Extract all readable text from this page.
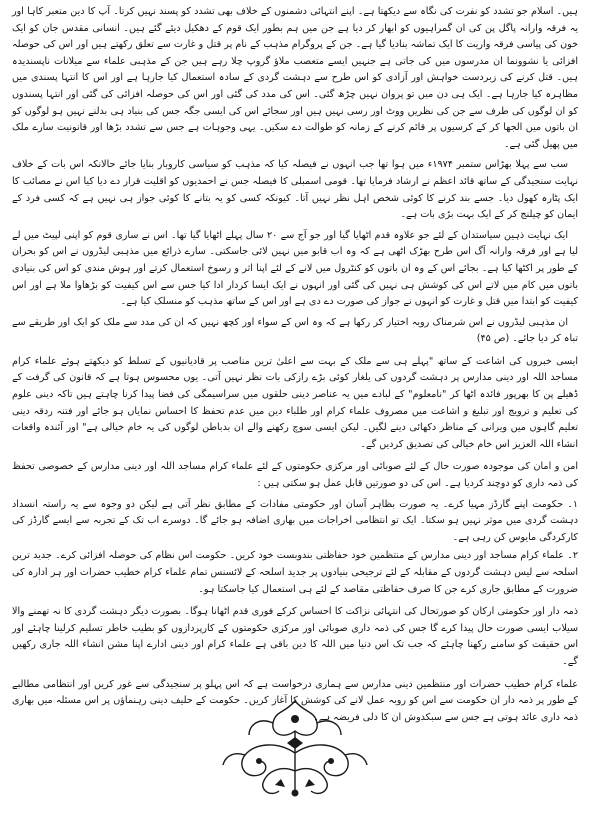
ہیں۔ اسلام جو تشدد کو نفرت کی نگاہ سے دیکھتا ہے۔ اپنے انتہائی دشمنوں کے خلاف بھی تشدد کو پسند نہیں کرتا۔ آپ کا دین متعبر کاہا اور یہ فرقہ وارانہ پاگل پن کی ان گمراہیوں کو ابھار کر دیا ہے جن میں ہم بطور ایک قوم کے دھکیل دیئے گئے ہیں۔ انسانی مقدس جان کو ایک خون کی پیاسی فرقہ واریت کا ایک تماشہ بنادیا گیا ہے۔ جن کے پروگرام مذہب کے نام پر قتل و غارت سے تعلق رکھتے ہیں اور اس کی حوصلہ افزائی یا نشوونما ان مدرسوں میں کی جاتی ہے جنہیں ایسے متعصب ملاؤ گروپ چلا رہے ہیں جن کے مذہبی علماء سے میلانات ناپسندیدہ ہیں۔ قتل کرنے کی زبردست خواہش اور آزادی کو اس طرح سے دہشت گردی کے سادہ استعمال کیا جارہا ہے اور اس کا انتہا پسندی میں مظاہرہ کیا جارہا ہے۔ ایک ہی دن میں تو پروان نہیں چڑھ گئی۔ اس کی مدد کی گئی اور اس کی حوصلہ افزائی کی گئی اور انتہا پسندوں کو ان لوگوں کی طرف سے جن کی نظریں ووٹ اور رسی نہیں ہیں اور سجائے اس کی ایسی جگہ جس کی بنیاد ہی بدلنے نہیں ہو لوگوں کو ان باتوں میں الجھا کر کے کرسیوں پر قائم کرنے کے زمانہ کو طوالت دے سکیں۔ یہی وجوہات ہے جس سے تشدد بڑھا اور قانونیت سارے ملک میں پھیل گئی ہے۔

سب سے پہلا بھڑاس ستمبر ۱۹۷۴ء میں ہوا تھا جب انہوں نے فیصلہ کیا کہ مذہب کو سیاسی کاروبار بنایا جائے حالانکہ اس بات کے خلاف نہایت سنجیدگی کے ساتھ قائد اعظم نے ارشاد فرمایا تھا۔ قومی اسمبلی کا فیصلہ جس نے احمدیوں کو اقلیت قرار دے دیا کیا اس نے مصائب کا ایک پٹارہ کھول دیا۔ جسے بند کرنے کا کوئی شخص اہل نظر نہیں آتا۔ کیونکہ کسی کو یہ بتانے کا کوئی جواز ہی نہیں ہے کہ کسی فرد کے ایمان کو چیلنج کر کے ایک بہت بڑی بات ہے۔

ایک نہایت ذہین سیاستدان کے لئے جو علاوہ قدم اٹھایا گیا اور جو آج سے ۲۰ سال پہلے اٹھایا گیا تھا۔ اس نے ساری قوم کو اپنی لپیٹ میں لے لیا ہے اور فرقہ وارانہ آگ اس طرح بھڑک اٹھی ہے کہ وہ اب قابو میں نہیں لائی جاسکتی۔ سارے ذرائع میں مذہبی لیڈروں نے اس کو بحران کے طور پر اکٹھا کیا ہے۔ بجائے اس کے وہ ان باتوں کو کنٹرول میں لانے کے لئے اپنا اثر و رسوخ استعمال کرتے اور ہوش مندی کو اس کی بنیادی باتوں میں کام میں لاتے اس کی کوشش ہی نہیں کی گئی اور انہوں نے ایک ایسا کردار ادا کیا جس سے اس کیفیت کو بڑھاوا ملا ہے اور اس کیفیت کو ابتدا میں قتل و غارت کو انہوں نے جواز کی صورت دے دی ہے اور اس کے ساتھ مذہب کو منسلک کیا ہے۔

ان مذہبی لیڈروں نے اس شرمناک رویہ اختیار کر رکھا ہے کہ وہ اس کے سواء اور کچھ نہیں کہ ان کی مدد سے ملک کو ایک اور طریقے سے تباہ کر دیا جائے۔ (ص ۴۵)

ایسی خبروں کی اشاعت کے ساتھ "پہلے ہی سے ملک کے بہت سے اعلیٰ ترین مناصب پر قادیانیوں کے تسلط کو دیکھتے ہوئے علماء کرام مساجد اللہ اور دینی مدارس پر دہشت گردوں کی یلغار کوئی بڑے رازکی بات نظر نہیں آتی۔ یوں محسوس ہوتا ہے کہ قانون کی گرفت کے ڈھیلے پن کا بھرپور فائدہ اٹھا کر "نامعلوم" کے لبادے میں یہ عناصر دینی حلقوں میں سراسیمگی کی فضا پیدا کرنا چاہتے ہیں تاکہ دینی علوم کی تعلیم و ترویج اور تبلیغ و اشاعت میں مصروف علماء کرام اور طلباء دین میں عدم تحفظ کا احساس نمایاں ہو جائے اور فتنہ ردقہ دینی تعلیم گاہوں میں ویرانی کے مناظر دکھائی دینے لگیں۔ لیکن ایسی سوچ رکھنے والے ان بدباطن لوگوں کی یہ خام خیالی ہے" اور آئندہ واقعات انشاء اللہ العزیز اس خام خیالی کی تصدیق کردیں گے۔

امن و امان کی موجودہ صورت حال کے لئے صوبائی اور مرکزی حکومتوں کے لئے علماء کرام مساجد اللہ اور دینی مدارس کے خصوصی تحفظ کی ذمہ داری کو دوچند کردیا ہے۔ اس کی دو صورتیں قابل عمل ہو سکتی ہیں :

۱۔ حکومت اپنے گارڈز مہیا کرے۔ یہ صورت بظاہر آسان اور حکومتی مفادات کے مطابق نظر آتی ہے لیکن دو وجوہ سے یہ راستہ انسداد دہشت گردی میں موثر نہیں ہو سکتا۔ ایک تو انتظامی اخراجات میں بھاری اضافہ ہو جائے گا۔ دوسرے اب تک کے تجربہ سے ایسے گارڈز کی کارکردگی مایوس کن رہی ہے۔

۲۔ علماء کرام مساجد اور دینی مدارس کے منتظمین خود حفاظتی بندوبست خود کریں۔ حکومت اس نظام کی حوصلہ افزائی کرے۔ جدید ترین اسلحہ سے لیس دہشت گردوں کے مقابلہ کے لئے ترجیحی بنیادوں پر جدید اسلحہ کے لائسنس تمام علماء کرام خطیب حضرات اور ہر ادارہ کی ضرورت کے مطابق جاری کرے جن کا صرف حفاظتی مقاصد کے لئے ہی استعمال کیا جاسکتا ہو۔

ذمہ دار اور حکومتی ارکان کو صورتحال کی انتہائی نزاکت کا احساس کرکے فوری قدم اٹھانا ہوگا۔ بصورت دیگر دہشت گردی کا نہ تھمنے والا سیلاب ایسی صورت حال پیدا کرے گا جس کی ذمہ داری صوبائی اور مرکزی حکومتوں کے کارپردازوں کو بطیب خاطر تسلیم کرلینا چاہئے اور اس حقیقت کو سامنے رکھنا چاہئے کہ جب تک اس دنیا میں اللہ کا دین باقی ہے علماء کرام اور دینی ادارے اپنا مشن انشاء اللہ جاری رکھیں گے۔

علماء کرام خطیب حضرات اور منتظمین دینی مدارس سے ہماری درخواست ہے کہ اس پہلو پر سنجیدگی سے غور کریں اور انتظامی مطالبے کے طور پر ذمہ دار ان حکومت سے اس کو روبہ عمل لانے کی کوشش کا آغاز کریں۔ حکومت کے حلیف دینی رہنماؤں پر اس مسئلہ میں بھاری ذمہ داری عائد ہوتی ہے جس سے سبکدوش ان کا دلی فریضہ ہے۔
